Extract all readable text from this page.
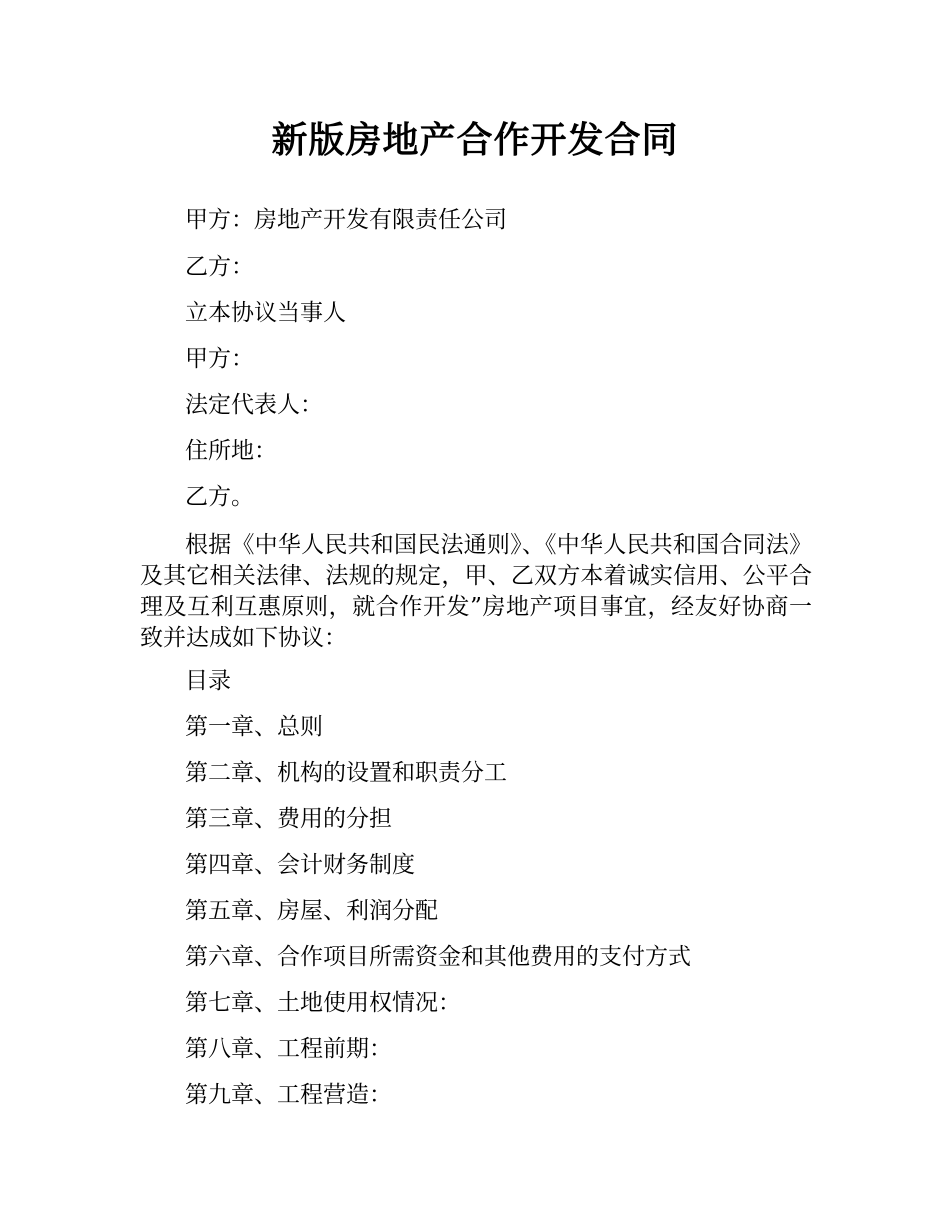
新版房地产合作开发合同

甲方：房地产开发有限责任公司

乙方：

立本协议当事人

甲方：

法定代表人：

住所地：

乙方。

根据《中华人民共和国民法通则》、《中华人民共和国合同法》及其它相关法律、法规的规定，甲、乙双方本着诚实信用、公平合理及互利互惠原则，就合作开发”房地产项目事宜，经友好协商一致并达成如下协议：

目录

第一章、总则

第二章、机构的设置和职责分工

第三章、费用的分担

第四章、会计财务制度

第五章、房屋、利润分配

第六章、合作项目所需资金和其他费用的支付方式

第七章、土地使用权情况：

第八章、工程前期：

第九章、工程营造：
